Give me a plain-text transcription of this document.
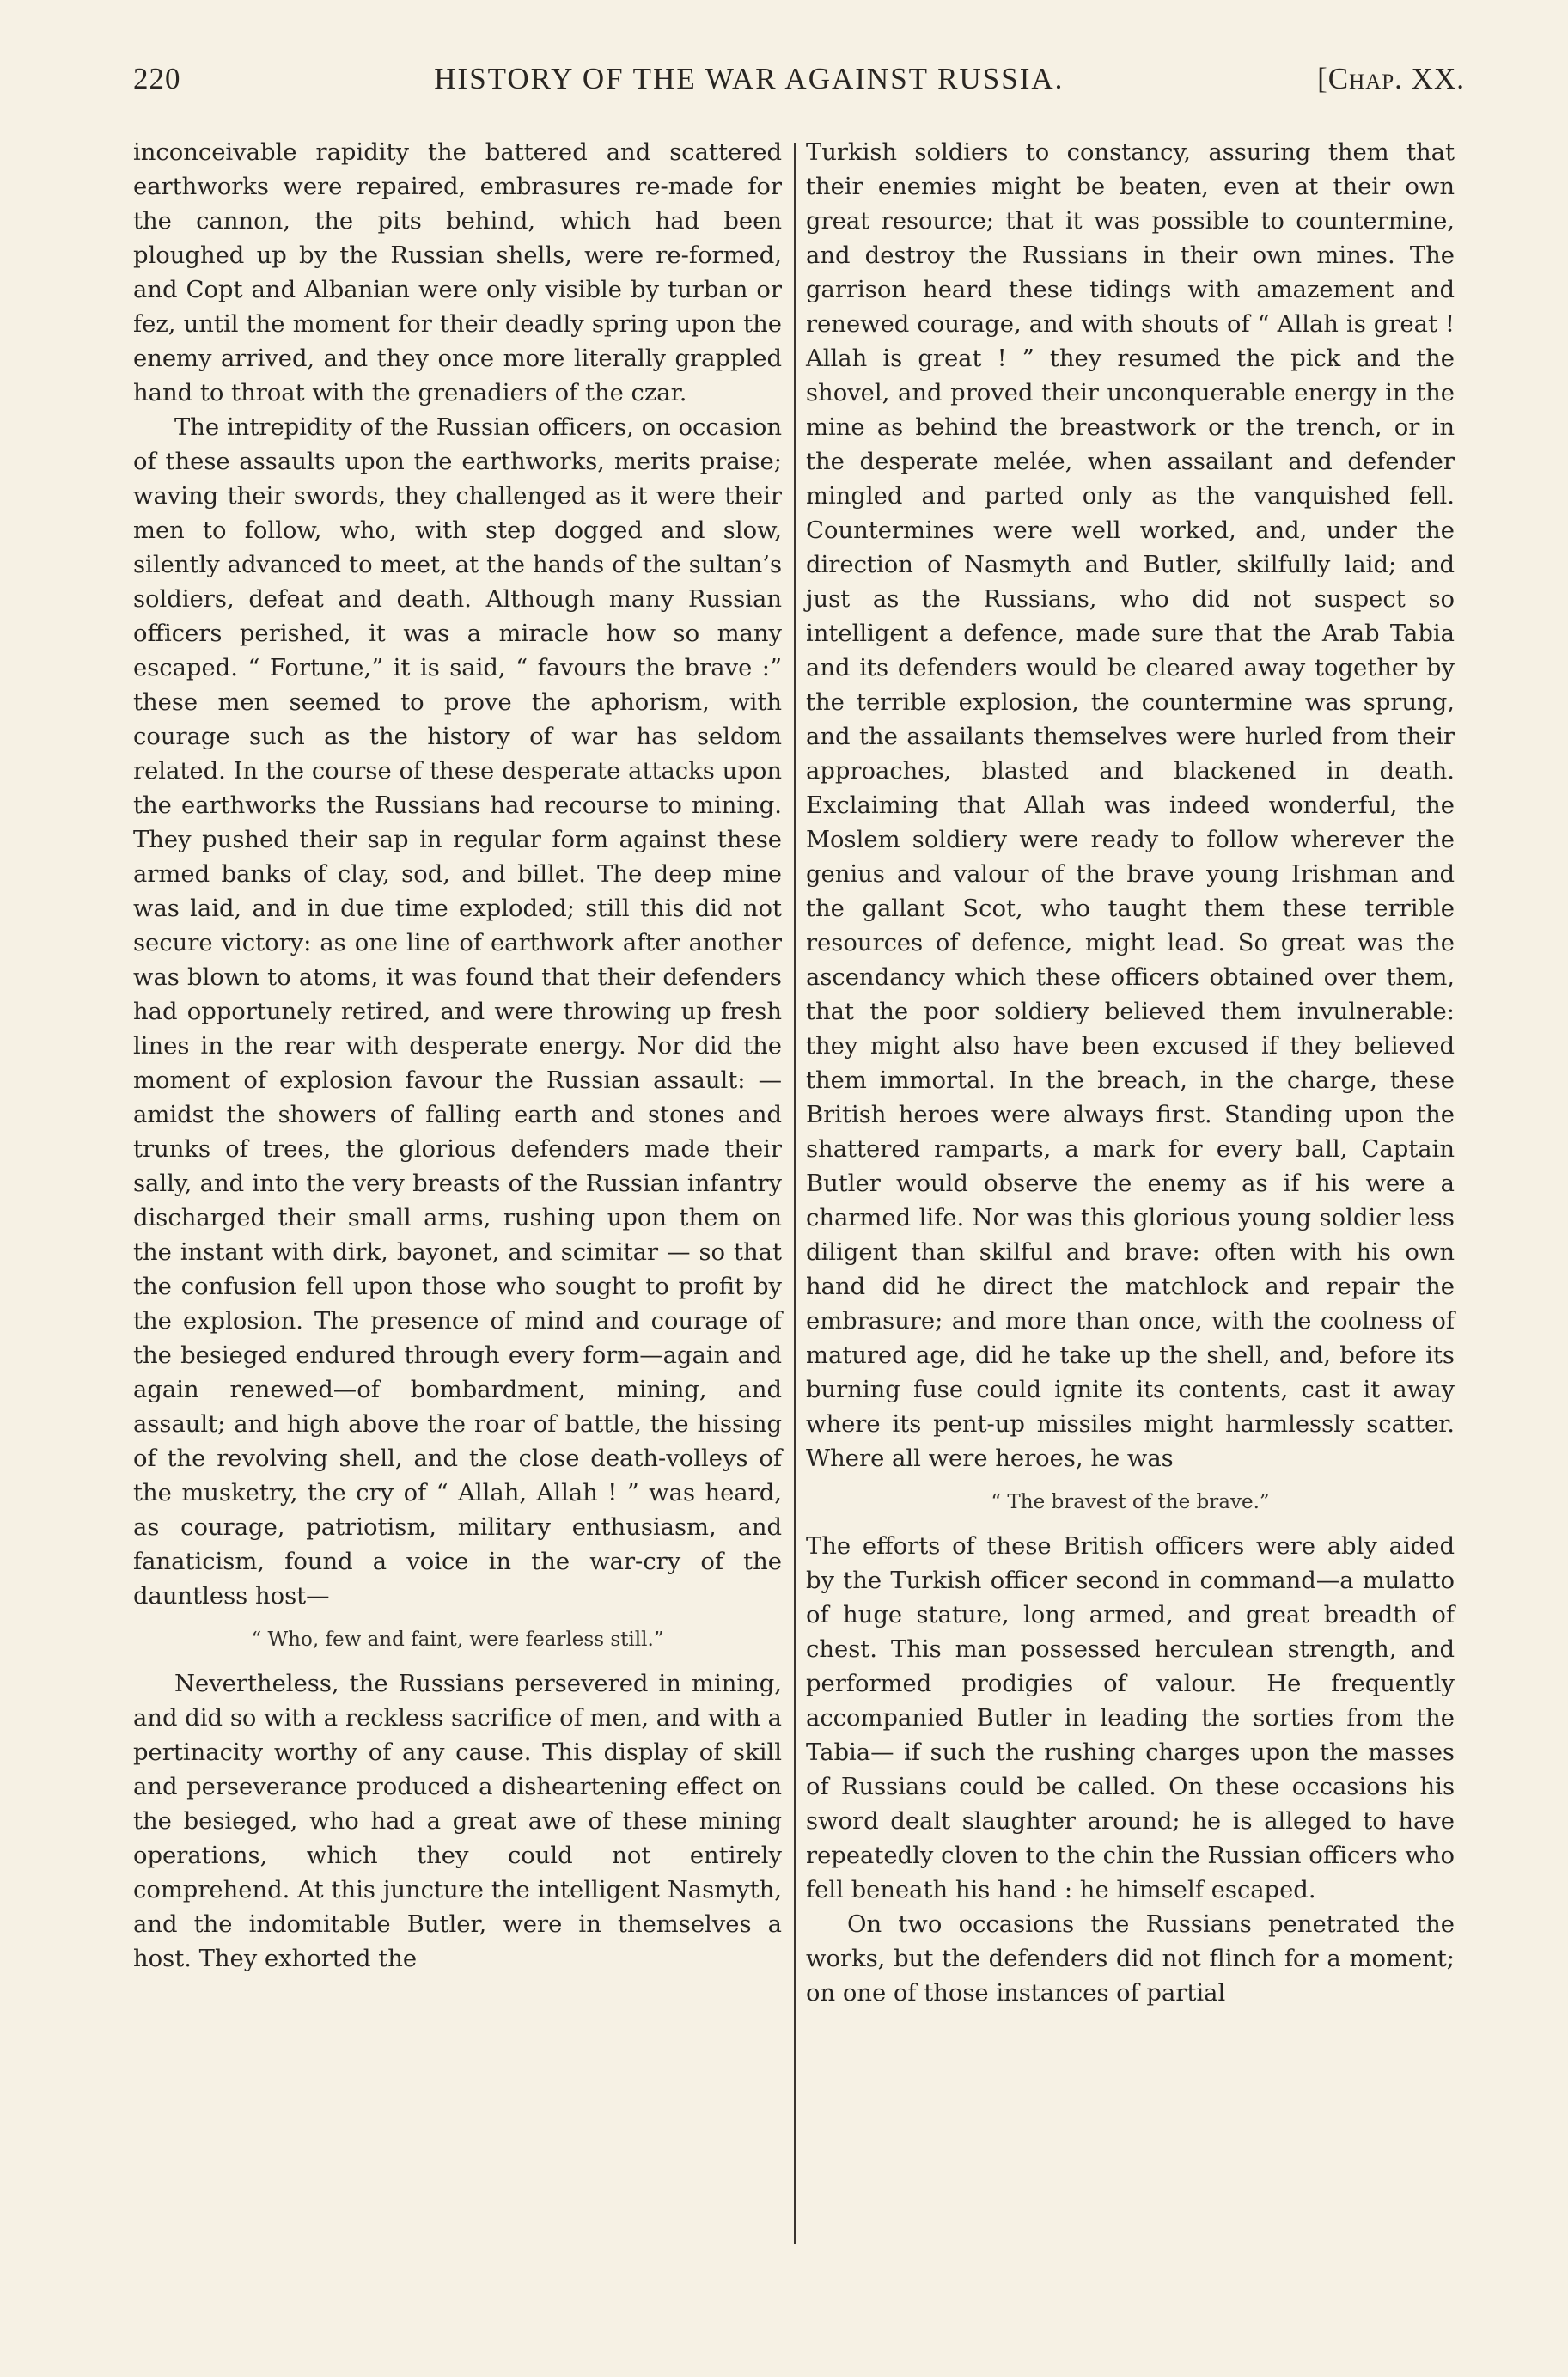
220	HISTORY OF THE WAR AGAINST RUSSIA.	[Chap. XX.

inconceivable rapidity the battered and scattered earthworks were repaired, embrasures re-made for the cannon, the pits behind, which had been ploughed up by the Russian shells, were re-formed, and Copt and Albanian were only visible by turban or fez, until the moment for their deadly spring upon the enemy arrived, and they once more literally grappled hand to throat with the grenadiers of the czar.

The intrepidity of the Russian officers, on occasion of these assaults upon the earthworks, merits praise; waving their swords, they challenged as it were their men to follow, who, with step dogged and slow, silently advanced to meet, at the hands of the sultan’s soldiers, defeat and death. Although many Russian officers perished, it was a miracle how so many escaped. “ Fortune,” it is said, “ favours the brave :” these men seemed to prove the aphorism, with courage such as the history of war has seldom related. In the course of these desperate attacks upon the earthworks the Russians had recourse to mining. They pushed their sap in regular form against these armed banks of clay, sod, and billet. The deep mine was laid, and in due time exploded; still this did not secure victory: as one line of earthwork after another was blown to atoms, it was found that their defenders had opportunely retired, and were throwing up fresh lines in the rear with desperate energy. Nor did the moment of explosion favour the Russian assault: — amidst the showers of falling earth and stones and trunks of trees, the glorious defenders made their sally, and into the very breasts of the Russian infantry discharged their small arms, rushing upon them on the instant with dirk, bayonet, and scimitar — so that the confusion fell upon those who sought to profit by the explosion. The presence of mind and courage of the besieged endured through every form—again and again renewed—of bombardment, mining, and assault; and high above the roar of battle, the hissing of the revolving shell, and the close death-volleys of the musketry, the cry of “ Allah, Allah ! ” was heard, as courage, patriotism, military enthusiasm, and fanaticism, found a voice in the war-cry of the dauntless host—

“ Who, few and faint, were fearless still.”

Nevertheless, the Russians persevered in mining, and did so with a reckless sacrifice of men, and with a pertinacity worthy of any cause. This display of skill and perseverance produced a disheartening effect on the besieged, who had a great awe of these mining operations, which they could not entirely comprehend. At this juncture the intelligent Nasmyth, and the indomitable Butler, were in themselves a host. They exhorted the

Turkish soldiers to constancy, assuring them that their enemies might be beaten, even at their own great resource; that it was possible to countermine, and destroy the Russians in their own mines. The garrison heard these tidings with amazement and renewed courage, and with shouts of “ Allah is great ! Allah is great ! ” they resumed the pick and the shovel, and proved their unconquerable energy in the mine as behind the breastwork or the trench, or in the desperate melée, when assailant and defender mingled and parted only as the vanquished fell. Countermines were well worked, and, under the direction of Nasmyth and Butler, skilfully laid; and just as the Russians, who did not suspect so intelligent a defence, made sure that the Arab Tabia and its defenders would be cleared away together by the terrible explosion, the countermine was sprung, and the assailants themselves were hurled from their approaches, blasted and blackened in death. Exclaiming that Allah was indeed wonderful, the Moslem soldiery were ready to follow wherever the genius and valour of the brave young Irishman and the gallant Scot, who taught them these terrible resources of defence, might lead. So great was the ascendancy which these officers obtained over them, that the poor soldiery believed them invulnerable: they might also have been excused if they believed them immortal. In the breach, in the charge, these British heroes were always first. Standing upon the shattered ramparts, a mark for every ball, Captain Butler would observe the enemy as if his were a charmed life. Nor was this glorious young soldier less diligent than skilful and brave: often with his own hand did he direct the matchlock and repair the embrasure; and more than once, with the coolness of matured age, did he take up the shell, and, before its burning fuse could ignite its contents, cast it away where its pent-up missiles might harmlessly scatter. Where all were heroes, he was

“ The bravest of the brave.”

The efforts of these British officers were ably aided by the Turkish officer second in command—a mulatto of huge stature, long armed, and great breadth of chest. This man possessed herculean strength, and performed prodigies of valour. He frequently accompanied Butler in leading the sorties from the Tabia— if such the rushing charges upon the masses of Russians could be called. On these occasions his sword dealt slaughter around; he is alleged to have repeatedly cloven to the chin the Russian officers who fell beneath his hand : he himself escaped.

On two occasions the Russians penetrated the works, but the defenders did not flinch for a moment; on one of those instances of partial
